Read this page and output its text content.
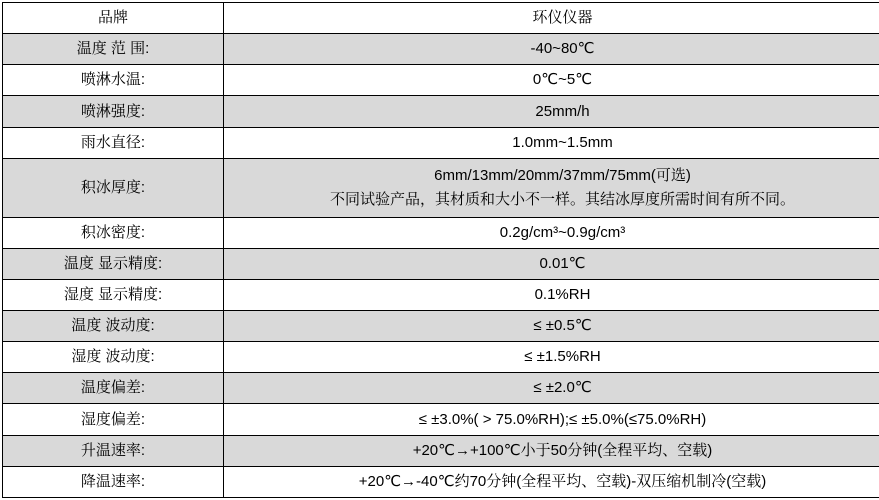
品牌	环仪仪器

温度 范 围:	-40~80℃

喷淋水温:	0℃~5℃

喷淋强度:	25mm/h

雨水直径:	1.0mm~1.5mm

积冰厚度:	6mm/13mm/20mm/37mm/75mm(可选)
不同试验产品，其材质和大小不一样。其结冰厚度所需时间有所不同。

积冰密度:	0.2g/cm³~0.9g/cm³

温度 显示精度:	0.01℃

湿度 显示精度:	0.1%RH

温度 波动度:	≤ ±0.5℃

湿度 波动度:	≤ ±1.5%RH

温度偏差:	≤ ±2.0℃

湿度偏差:	≤ ±3.0%( > 75.0%RH);≤ ±5.0%(≤75.0%RH)

升温速率:	+20℃→+100℃小于50分钟(全程平均、空载)

降温速率:	+20℃→-40℃约70分钟(全程平均、空载)-双压缩机制冷(空载)
